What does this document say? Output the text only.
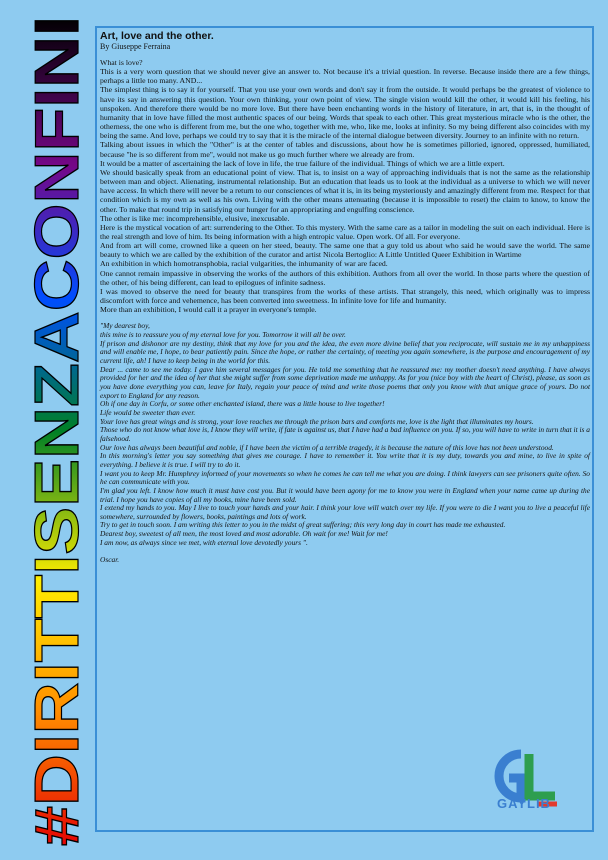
#DIRITTISENZACONFINI
Art, love and the other.
By Giuseppe Ferraina

What is love?

This is a very worn question that we should never give an answer to. Not because it's a trivial question. In reverse. Because inside there are a few things, perhaps a little too many. AND...

The simplest thing is to say it for yourself. That you use your own words and don't say it from the outside. It would perhaps be the greatest of violence to have its say in answering this question. Your own thinking, your own point of view. The single vision would kill the other, it would kill his feeling, his unspoken. And therefore there would be no more love. But there have been enchanting words in the history of literature, in art, that is, in the thought of humanity that in love have filled the most authentic spaces of our being. Words that speak to each other. This great mysterious miracle who is the other, the otherness, the one who is different from me, but the one who, together with me, who, like me, looks at infinity. So my being different also coincides with my being the same. And love, perhaps we could try to say that it is the miracle of the internal dialogue between diversity. Journey to an infinite with no return.

Talking about issues in which the "Other" is at the center of tables and discussions, about how he is sometimes pilloried, ignored, oppressed, humiliated, because "he is so different from me", would not make us go much further where we already are from.

It would be a matter of ascertaining the lack of love in life, the true failure of the individual. Things of which we are a little expert.

We should basically speak from an educational point of view. That is, to insist on a way of approaching individuals that is not the same as the relationship between man and object. Alienating, instrumental relationship. But an education that leads us to look at the individual as a universe to which we will never have access. In which there will never be a return to our consciences of what it is, in its being mysteriously and amazingly different from me. Respect for that condition which is my own as well as his own. Living with the other means attenuating (because it is impossible to reset) the claim to know, to know the other. To make that round trip in satisfying our hunger for an appropriating and engulfing conscience.

The other is like me: incomprehensible, elusive, inexcusable.

Here is the mystical vocation of art: surrendering to the Other. To this mystery. With the same care as a tailor in modeling the suit on each individual. Here is the real strength and love of him. Its being information with a high entropic value. Open work. Of all. For everyone.

And from art will come, crowned like a queen on her steed, beauty. The same one that a guy told us about who said he would save the world. The same beauty to which we are called by the exhibition of the curator and artist Nicola Bertoglio: A Little Untitled Queer Exhibition in Wartime

An exhibition in which homotransphobia, racial vulgarities, the inhumanity of war are faced.

One cannot remain impassive in observing the works of the authors of this exhibition. Authors from all over the world. In those parts where the question of the other, of his being different, can lead to epilogues of infinite sadness.

I was moved to observe the need for beauty that transpires from the works of these artists. That strangely, this need, which originally was to impress discomfort with force and vehemence, has been converted into sweetness. In infinite love for life and humanity.

More than an exhibition, I would call it a prayer in everyone's temple.

"My dearest boy,

this mine is to reassure you of my eternal love for you. Tomorrow it will all be over.

If prison and dishonor are my destiny, think that my love for you and the idea, the even more divine belief that you reciprocate, will sustain me in my unhappiness and will enable me, I hope, to bear patiently pain. Since the hope, or rather the certainty, of meeting you again somewhere, is the purpose and encouragement of my current life, ah! I have to keep being in the world for this.

Dear ... came to see me today. I gave him several messages for you. He told me something that he reassured me: my mother doesn't need anything. I have always provided for her and the idea of her that she might suffer from some deprivation made me unhappy. As for you (nice boy with the heart of Christ), please, as soon as you have done everything you can, leave for Italy, regain your peace of mind and write those poems that only you know with that unique grace of yours. Do not export to England for any reason.

Oh if one day in Corfu, or some other enchanted island, there was a little house to live together!

Life would be sweeter than ever.

Your love has great wings and is strong, your love reaches me through the prison bars and comforts me, love is the light that illuminates my hours.

Those who do not know what love is, I know they will write, if fate is against us, that I have had a bad influence on you. If so, you will have to write in turn that it is a falsehood.

Our love has always been beautiful and noble, if I have been the victim of a terrible tragedy, it is because the nature of this love has not been understood.

In this morning's letter you say something that gives me courage. I have to remember it. You write that it is my duty, towards you and mine, to live in spite of everything. I believe it is true. I will try to do it.

I want you to keep Mr. Humphrey informed of your movements so when he comes he can tell me what you are doing. I think lawyers can see prisoners quite often. So he can communicate with you.

I'm glad you left. I know how much it must have cost you. But it would have been agony for me to know you were in England when your name came up during the trial. I hope you have copies of all my books, mine have been sold.

I extend my hands to you. May I live to touch your hands and your hair. I think your love will watch over my life. If you were to die I want you to live a peaceful life somewhere, surrounded by flowers, books, paintings and lots of work.

Try to get in touch soon. I am writing this letter to you in the midst of great suffering; this very long day in court has made me exhausted.

Dearest boy, sweetest of all men, the most loved and most adorable. Oh wait for me! Wait for me!

I am now, as always since we met, with eternal love devotedly yours ".

Oscar.
GAYLIB
